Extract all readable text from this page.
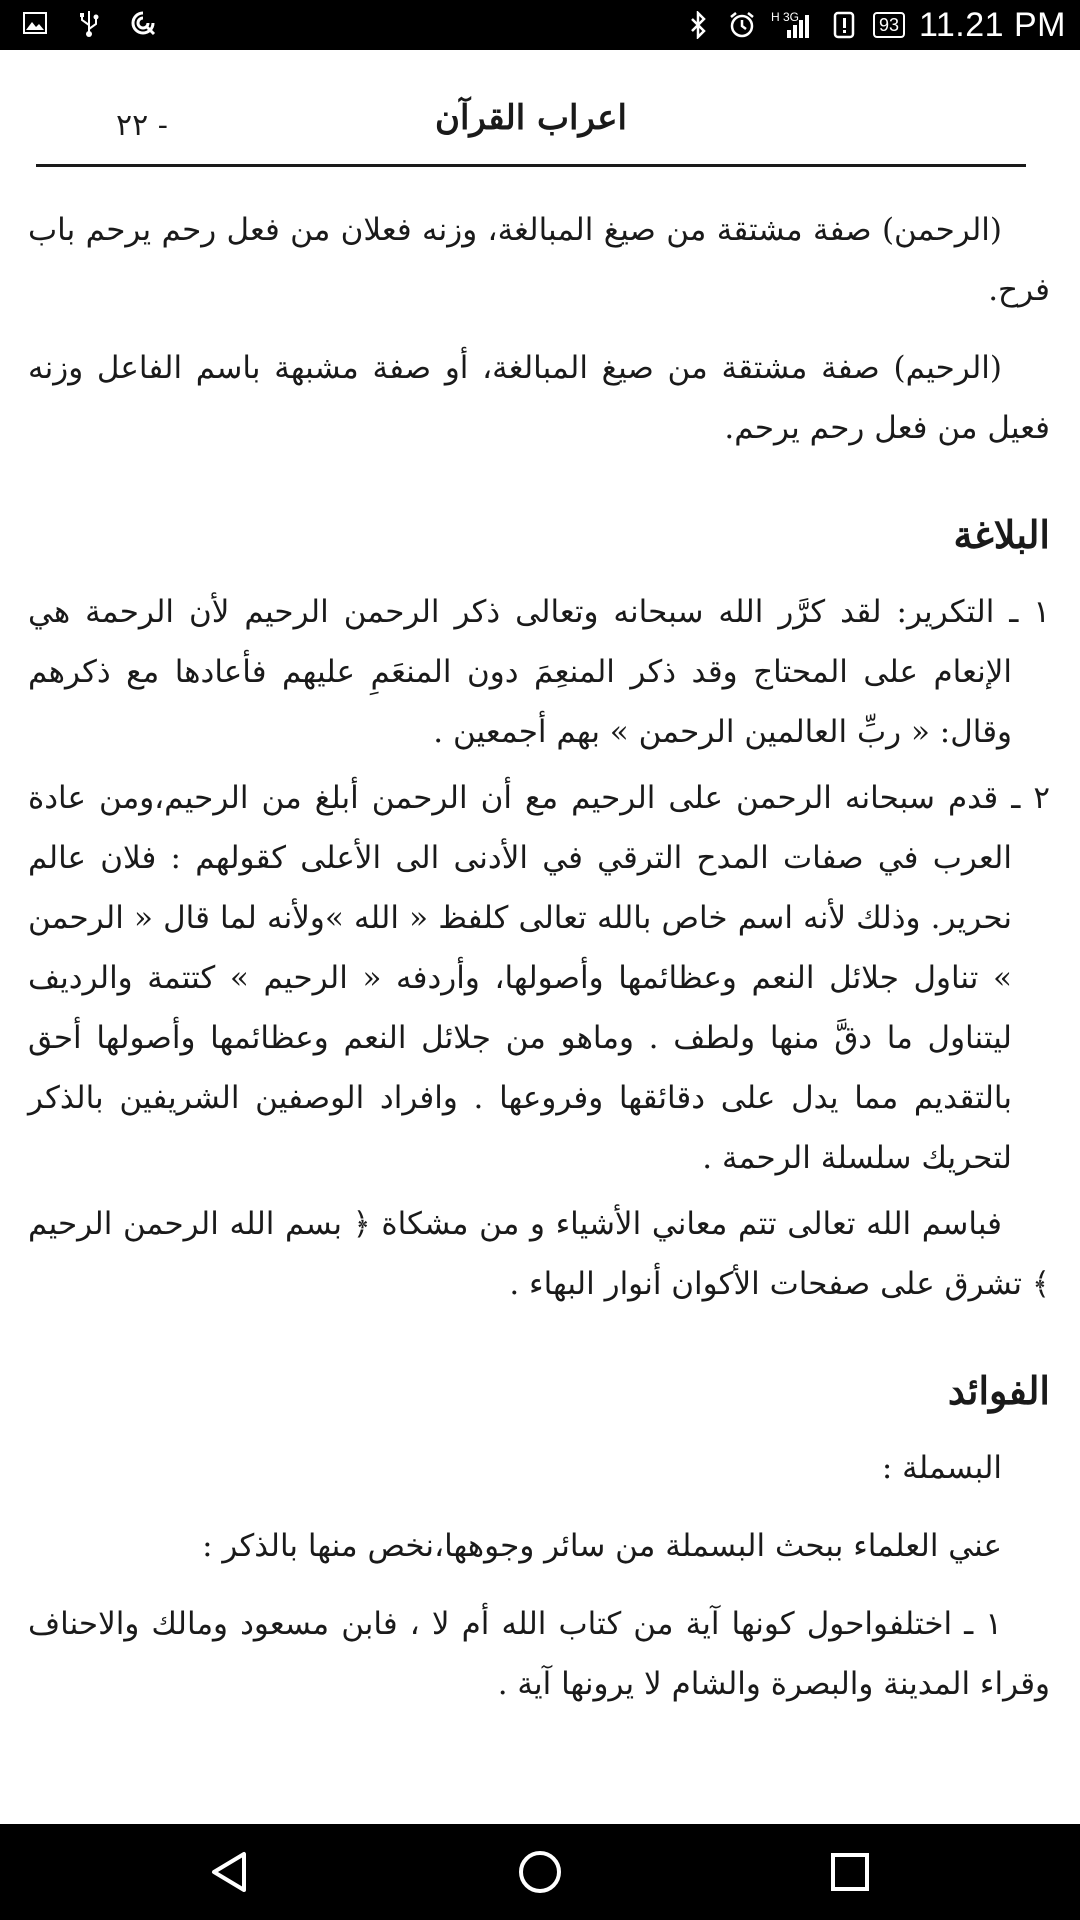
H 3G	93 11.21 PM
اعراب القرآن
- ٢٢

(الرحمن) صفة مشتقة من صيغ المبالغة، وزنه فعلان من فعل رحم يرحم باب فرح.

(الرحيم) صفة مشتقة من صيغ المبالغة، أو صفة مشبهة باسم الفاعل وزنه فعيل من فعل رحم يرحم.

البلاغة

١ ـ التكرير: لقد كرَّر الله سبحانه وتعالى ذكر الرحمن الرحيم لأن الرحمة هي الإنعام على المحتاج وقد ذكر المنعِمَ دون المنعَمِ عليهم فأعادها مع ذكرهم وقال: « ربِّ العالمين الرحمن » بهم أجمعين .

٢ ـ قدم سبحانه الرحمن على الرحيم مع أن الرحمن أبلغ من الرحيم،ومن عادة العرب في صفات المدح الترقي في الأدنى الى الأعلى كقولهم : فلان عالم نحرير. وذلك لأنه اسم خاص بالله تعالى كلفظ « الله »ولأنه لما قال « الرحمن » تناول جلائل النعم وعظائمها وأصولها، وأردفه « الرحيم » كتتمة والرديف ليتناول ما دقَّ منها ولطف . وماهو من جلائل النعم وعظائمها وأصولها أحق بالتقديم مما يدل على دقائقها وفروعها . وافراد الوصفين الشريفين بالذكر لتحريك سلسلة الرحمة .

فباسم الله تعالى تتم معاني الأشياء و من مشكاة ﴿ بسم الله الرحمن الرحيم ﴾ تشرق على صفحات الأكوان أنوار البهاء .

الفوائد

البسملة :

عني العلماء ببحث البسملة من سائر وجوهها،نخص منها بالذكر :

١ ـ اختلفواحول كونها آية من كتاب الله أم لا ، فابن مسعود ومالك والاحناف وقراء المدينة والبصرة والشام لا يرونها آية .
